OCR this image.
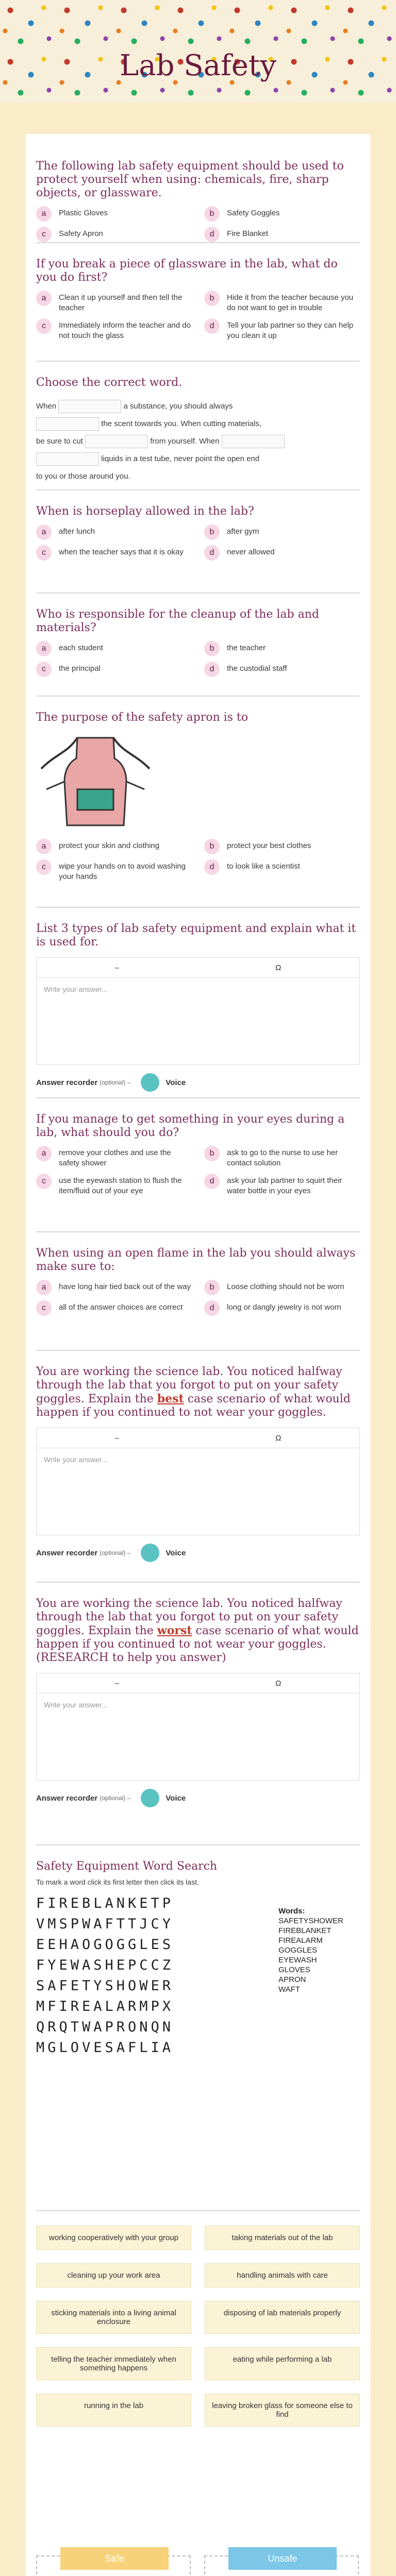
Lab Safety

The following lab safety equipment should be used to protect yourself when using: chemicals, fire, sharp objects, or glassware.

a	Plastic Gloves	b	Safety Goggles
c	Safety Apron	d	Fire Blanket

If you break a piece of glassware in the lab, what do you do first?

a	Clean it up yourself and then tell the teacher
b	Hide it from the teacher because you do not want to get in trouble
c	Immediately inform the teacher and do not touch the glass
d	Tell your lab partner so they can help you clean it up

Choose the correct word.

When	a substance, you should always
the scent towards you. When cutting materials,
be sure to cut	from yourself. When
liquids in a test tube, never point the open end
to you or those around you.

When is horseplay allowed in the lab?

a	after lunch	b	after gym
c	when the teacher says that it is okay	d	never allowed

Who is responsible for the cleanup of the lab and materials?

a	each student	b	the teacher
c	the principal	d	the custodial staff

The purpose of the safety apron is to

a	protect your skin and clothing	b	protect your best clothes
c	wipe your hands on to avoid washing your hands
d	to look like a scientist

List 3 types of lab safety equipment and explain what it is used for.

–	Ω
Write your answer...
Answer recorder (optional) –	Voice

If you manage to get something in your eyes during a lab, what should you do?

a	remove your clothes and use the safety shower
b	ask to go to the nurse to use her contact solution
c	use the eyewash station to flush the item/fluid out of your eye
d	ask your lab partner to squirt their water bottle in your eyes

When using an open flame in the lab you should always make sure to:

a	have long hair tied back out of the way	b	Loose clothing should not be worn
c	all of the answer choices are correct	d	long or dangly jewelry is not worn

You are working the science lab. You noticed halfway through the lab that you forgot to put on your safety goggles. Explain the best case scenario of what would happen if you continued to not wear your goggles.

–	Ω
Write your answer...
Answer recorder (optional) –	Voice

You are working the science lab. You noticed halfway through the lab that you forgot to put on your safety goggles. Explain the worst case scenario of what would happen if you continued to not wear your goggles. (RESEARCH to help you answer)

–	Ω
Write your answer...
Answer recorder (optional) –	Voice
Safety Equipment Word Search
To mark a word click its first letter then click its last.
FIREBLANKETP
VMSPWAFTTJCY
EEHAOGOGGLES
FYEWASHEPCCZ
SAFETYSHOWER
MFIREALARMPX
QRQTWAPRONQN
MGLOVESAFLIA
Words:
SAFETYSHOWER
FIREBLANKET
FIREALARM
GOGGLES
EYEWASH
GLOVES
APRON
WAFT
working cooperatively with your group	taking materials out of the lab
cleaning up your work area	handling animals with care
sticking materials into a living animal enclosure
disposing of lab materials properly
telling the teacher immediately when something happens
eating while performing a lab
running in the lab	leaving broken glass for someone else to find
Safe	Unsafe
